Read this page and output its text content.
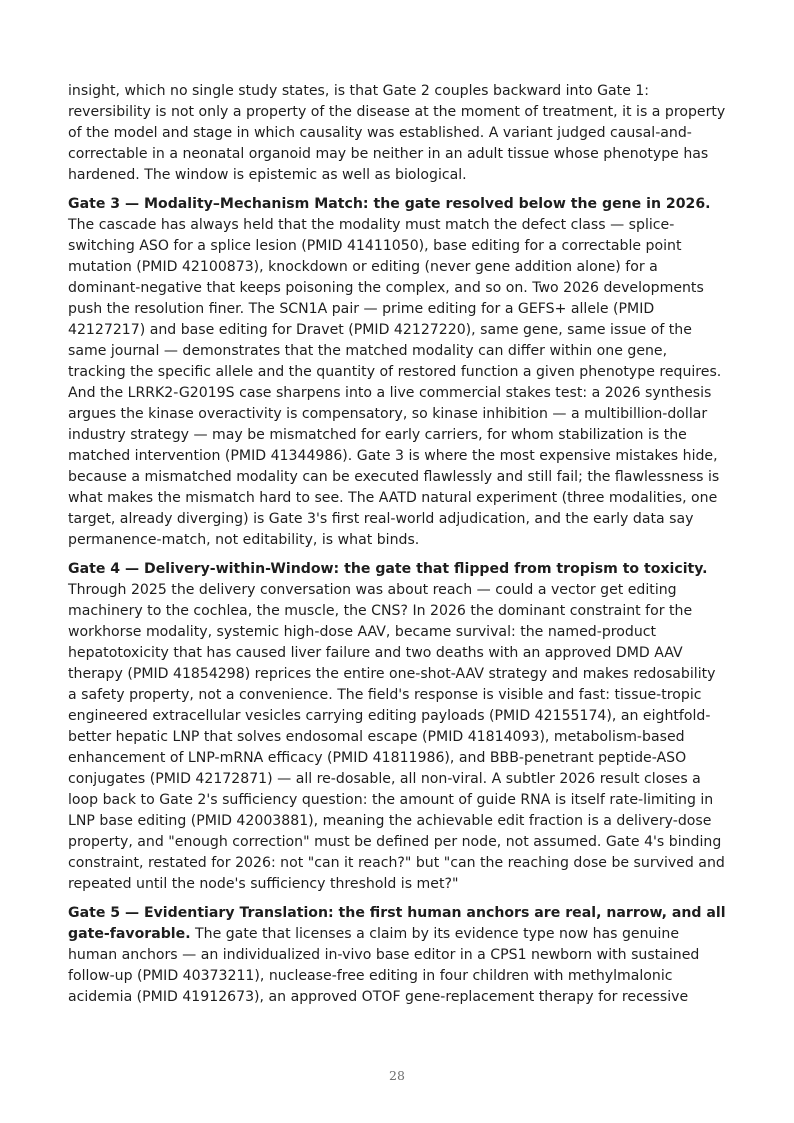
insight, which no single study states, is that Gate 2 couples backward into Gate 1: reversibility is not only a property of the disease at the moment of treatment, it is a property of the model and stage in which causality was established. A variant judged causal-and-correctable in a neonatal organoid may be neither in an adult tissue whose phenotype has hardened. The window is epistemic as well as biological.

Gate 3 — Modality–Mechanism Match: the gate resolved below the gene in 2026. The cascade has always held that the modality must match the defect class — splice-switching ASO for a splice lesion (PMID 41411050), base editing for a correctable point mutation (PMID 42100873), knockdown or editing (never gene addition alone) for a dominant-negative that keeps poisoning the complex, and so on. Two 2026 developments push the resolution finer. The SCN1A pair — prime editing for a GEFS+ allele (PMID 42127217) and base editing for Dravet (PMID 42127220), same gene, same issue of the same journal — demonstrates that the matched modality can differ within one gene, tracking the specific allele and the quantity of restored function a given phenotype requires. And the LRRK2-G2019S case sharpens into a live commercial stakes test: a 2026 synthesis argues the kinase overactivity is compensatory, so kinase inhibition — a multibillion-dollar industry strategy — may be mismatched for early carriers, for whom stabilization is the matched intervention (PMID 41344986). Gate 3 is where the most expensive mistakes hide, because a mismatched modality can be executed flawlessly and still fail; the flawlessness is what makes the mismatch hard to see. The AATD natural experiment (three modalities, one target, already diverging) is Gate 3's first real-world adjudication, and the early data say permanence-match, not editability, is what binds.

Gate 4 — Delivery-within-Window: the gate that flipped from tropism to toxicity. Through 2025 the delivery conversation was about reach — could a vector get editing machinery to the cochlea, the muscle, the CNS? In 2026 the dominant constraint for the workhorse modality, systemic high-dose AAV, became survival: the named-product hepatotoxicity that has caused liver failure and two deaths with an approved DMD AAV therapy (PMID 41854298) reprices the entire one-shot-AAV strategy and makes redosability a safety property, not a convenience. The field's response is visible and fast: tissue-tropic engineered extracellular vesicles carrying editing payloads (PMID 42155174), an eightfold-better hepatic LNP that solves endosomal escape (PMID 41814093), metabolism-based enhancement of LNP-mRNA efficacy (PMID 41811986), and BBB-penetrant peptide-ASO conjugates (PMID 42172871) — all re-dosable, all non-viral. A subtler 2026 result closes a loop back to Gate 2's sufficiency question: the amount of guide RNA is itself rate-limiting in LNP base editing (PMID 42003881), meaning the achievable edit fraction is a delivery-dose property, and "enough correction" must be defined per node, not assumed. Gate 4's binding constraint, restated for 2026: not "can it reach?" but "can the reaching dose be survived and repeated until the node's sufficiency threshold is met?"

Gate 5 — Evidentiary Translation: the first human anchors are real, narrow, and all gate-favorable. The gate that licenses a claim by its evidence type now has genuine human anchors — an individualized in-vivo base editor in a CPS1 newborn with sustained follow-up (PMID 40373211), nuclease-free editing in four children with methylmalonic acidemia (PMID 41912673), an approved OTOF gene-replacement therapy for recessive

28
